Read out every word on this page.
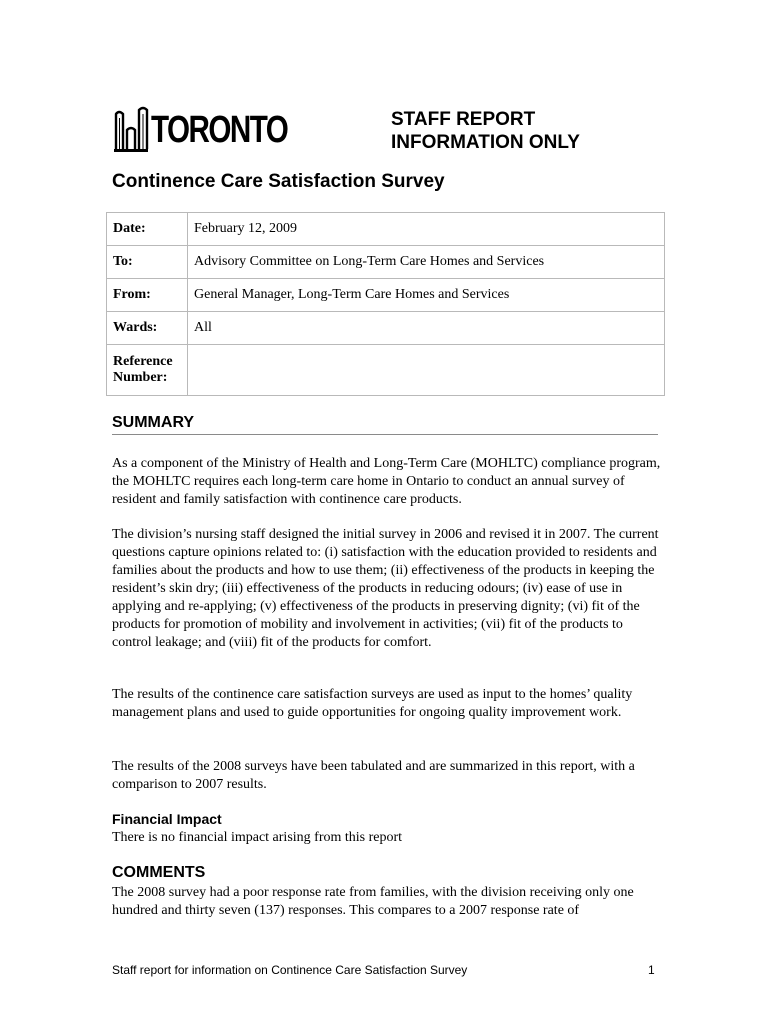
TORONTO	STAFF REPORT
INFORMATION ONLY
Continence Care Satisfaction Survey
Date:	February 12, 2009
To:	Advisory Committee on Long-Term Care Homes and Services
From:	General Manager, Long-Term Care Homes and Services
Wards:	All

Reference
Number:	

SUMMARY
As a component of the Ministry of Health and Long-Term Care (MOHLTC) compliance program, the MOHLTC requires each long-term care home in Ontario to conduct an annual survey of resident and family satisfaction with continence care products.
The division’s nursing staff designed the initial survey in 2006 and revised it in 2007. The current questions capture opinions related to: (i) satisfaction with the education provided to residents and families about the products and how to use them; (ii) effectiveness of the products in keeping the resident’s skin dry; (iii) effectiveness of the products in reducing odours; (iv) ease of use in applying and re-applying; (v) effectiveness of the products in preserving dignity; (vi) fit of the products for promotion of mobility and involvement in activities; (vii) fit of the products to control leakage; and (viii) fit of the products for comfort.
The results of the continence care satisfaction surveys are used as input to the homes’ quality management plans and used to guide opportunities for ongoing quality improvement work.
The results of the 2008 surveys have been tabulated and are summarized in this report, with a comparison to 2007 results.
Financial Impact
There is no financial impact arising from this report
COMMENTS
The 2008 survey had a poor response rate from families, with the division receiving only one hundred and thirty seven (137) responses. This compares to a 2007 response rate of
Staff report for information on Continence Care Satisfaction Survey	1
